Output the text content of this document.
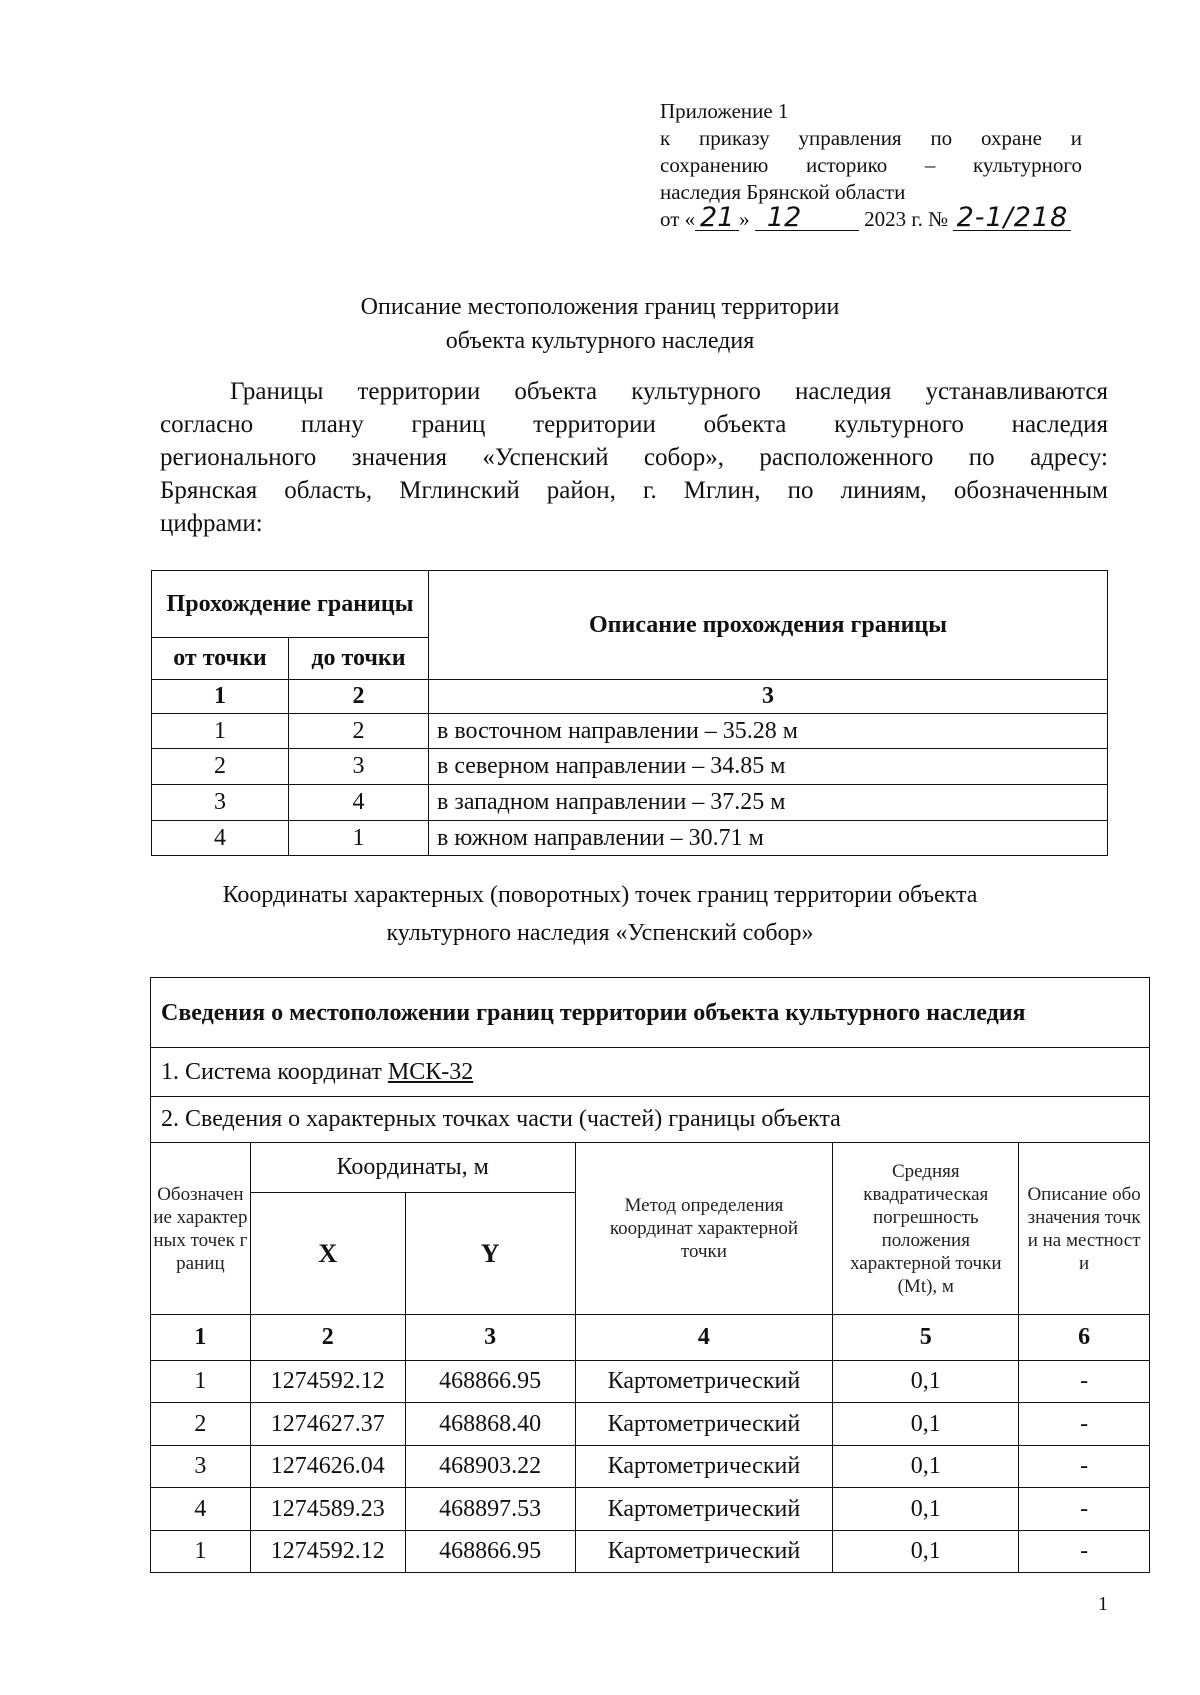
Приложение 1
к приказу управления по охране и
сохранению историко – культурного
наследия Брянской области
от « 21 » 12	2023 г. № 2-1/218
Описание местоположения границ территории
объекта культурного наследия
Границы территории объекта культурного наследия устанавливаются
согласно плану границ территории объекта культурного наследия
регионального значения «Успенский собор», расположенного по адресу:
Брянская область, Мглинский район, г. Мглин, по линиям, обозначенным
цифрами:
Прохождение границы		Описание прохождения границы
от точки	до точки	
1	2	3
1	2	в восточном направлении – 35.28 м
2	3	в северном направлении – 34.85 м
3	4	в западном направлении – 37.25 м
4	1	в южном направлении – 30.71 м
Координаты характерных (поворотных) точек границ территории объекта
культурного наследия «Успенский собор»
Сведения о местоположении границ территории объекта культурного наследия					
1. Система координат МСК-32					
2. Сведения о характерных точках части (частей) границы объекта					
Обозначение характерных точек границ	Координаты, м		Метод определения координат характерной точки	Средняя квадратическая погрешность положения характерной точки (Mt), м	Описание обозначения точки на местности
	X	Y			
1	2	3	4	5	6
1	1274592.12	468866.95	Картометрический	0,1	-
2	1274627.37	468868.40	Картометрический	0,1	-
3	1274626.04	468903.22	Картометрический	0,1	-
4	1274589.23	468897.53	Картометрический	0,1	-
1	1274592.12	468866.95	Картометрический	0,1	-
1
